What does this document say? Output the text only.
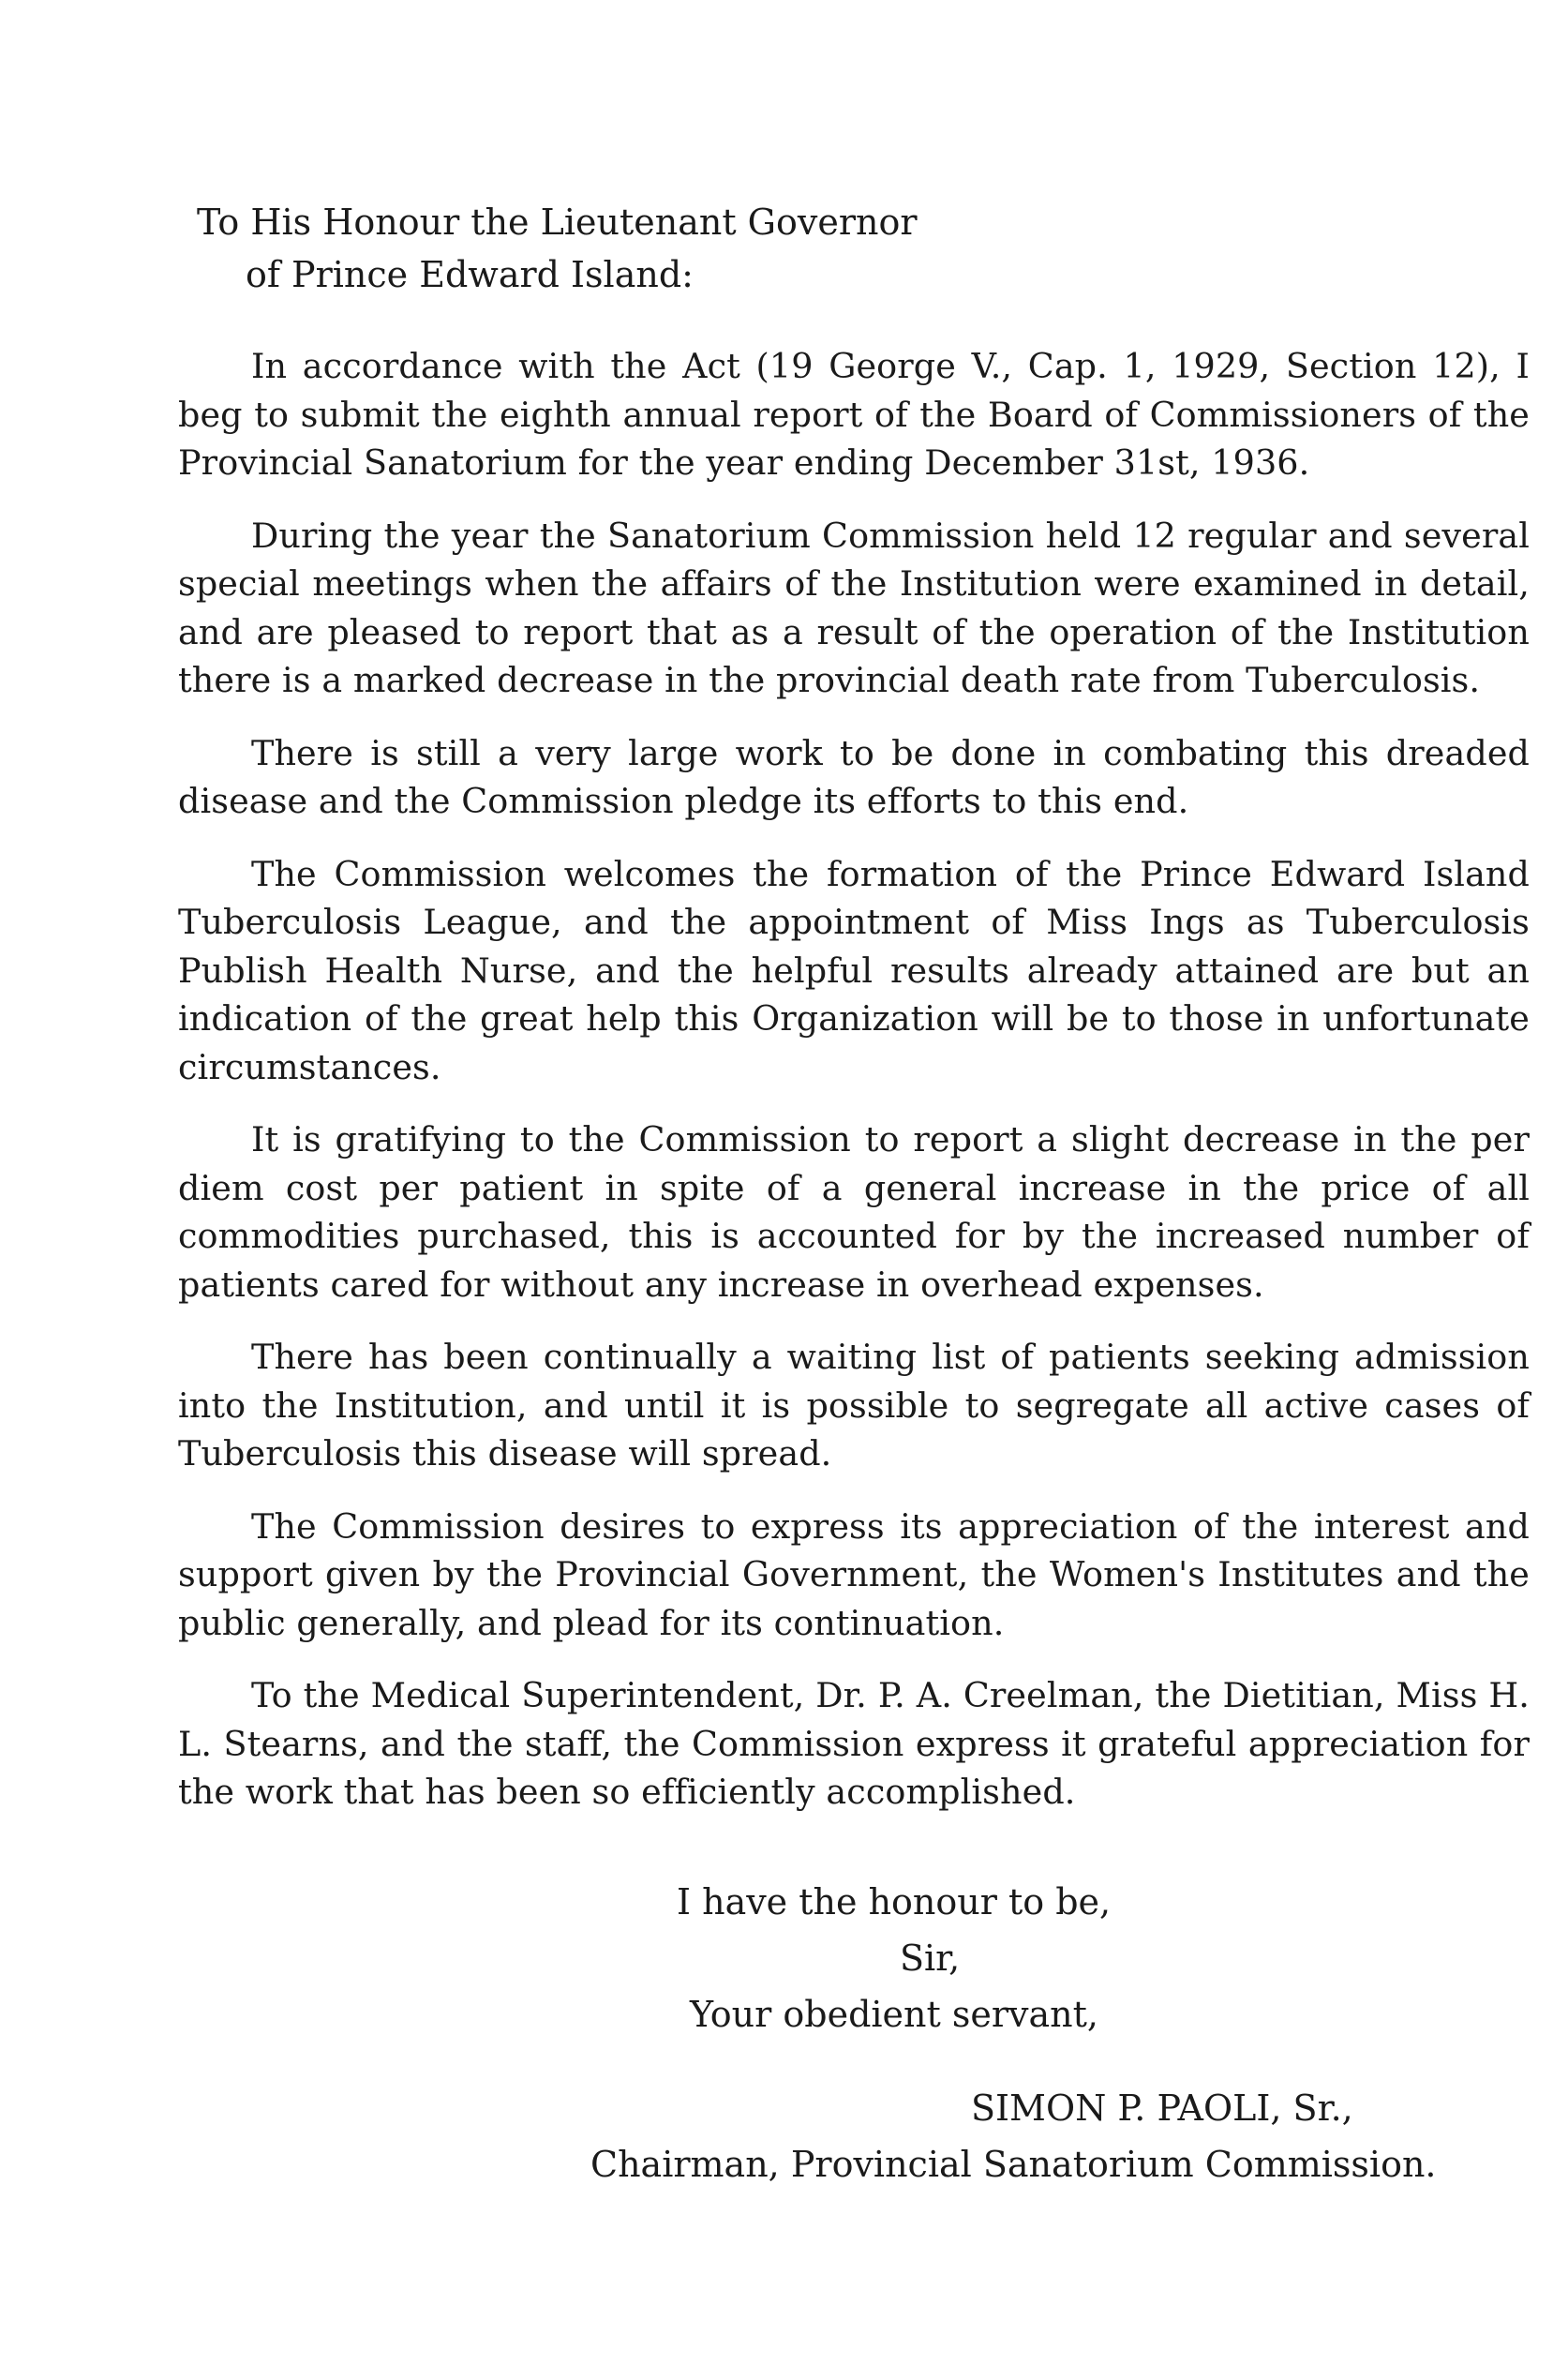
To His Honour the Lieutenant Governor
of Prince Edward Island:

In accordance with the Act (19 George V., Cap. 1, 1929, Section 12), I beg to submit the eighth annual report of the Board of Commissioners of the Provincial Sanatorium for the year ending December 31st, 1936.

During the year the Sanatorium Commission held 12 regular and several special meetings when the affairs of the Institution were examined in detail, and are pleased to report that as a result of the operation of the Institution there is a marked decrease in the provincial death rate from Tuberculosis.

There is still a very large work to be done in combating this dreaded disease and the Commission pledge its efforts to this end.

The Commission welcomes the formation of the Prince Edward Island Tuberculosis League, and the appointment of Miss Ings as Tuberculosis Publish Health Nurse, and the helpful results already attained are but an indication of the great help this Organization will be to those in unfortunate circumstances.

It is gratifying to the Commission to report a slight decrease in the per diem cost per patient in spite of a general increase in the price of all commodities purchased, this is accounted for by the increased number of patients cared for without any increase in overhead expenses.

There has been continually a waiting list of patients seeking admission into the Institution, and until it is possible to segregate all active cases of Tuberculosis this disease will spread.

The Commission desires to express its appreciation of the interest and support given by the Provincial Government, the Women's Institutes and the public generally, and plead for its continuation.

To the Medical Superintendent, Dr. P. A. Creelman, the Dietitian, Miss H. L. Stearns, and the staff, the Commission express it grateful appreciation for the work that has been so efficiently accomplished.

I have the honour to be,
Sir,
Your obedient servant,
SIMON P. PAOLI, Sr.,
Chairman, Provincial Sanatorium Commission.
